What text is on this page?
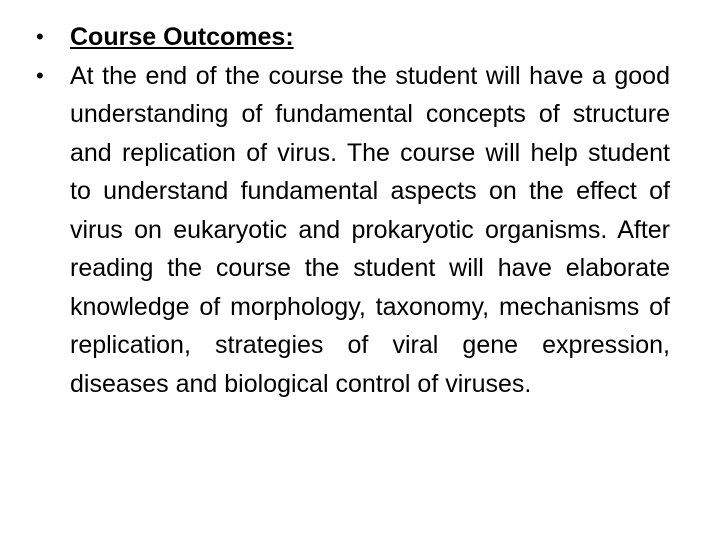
• Course Outcomes:
• At the end of the course the student will have a good understanding of fundamental concepts of structure and replication of virus. The course will help student to understand fundamental aspects on the effect of virus on eukaryotic and prokaryotic organisms. After reading the course the student will have elaborate knowledge of morphology, taxonomy, mechanisms of replication, strategies of viral gene expression, diseases and biological control of viruses.
